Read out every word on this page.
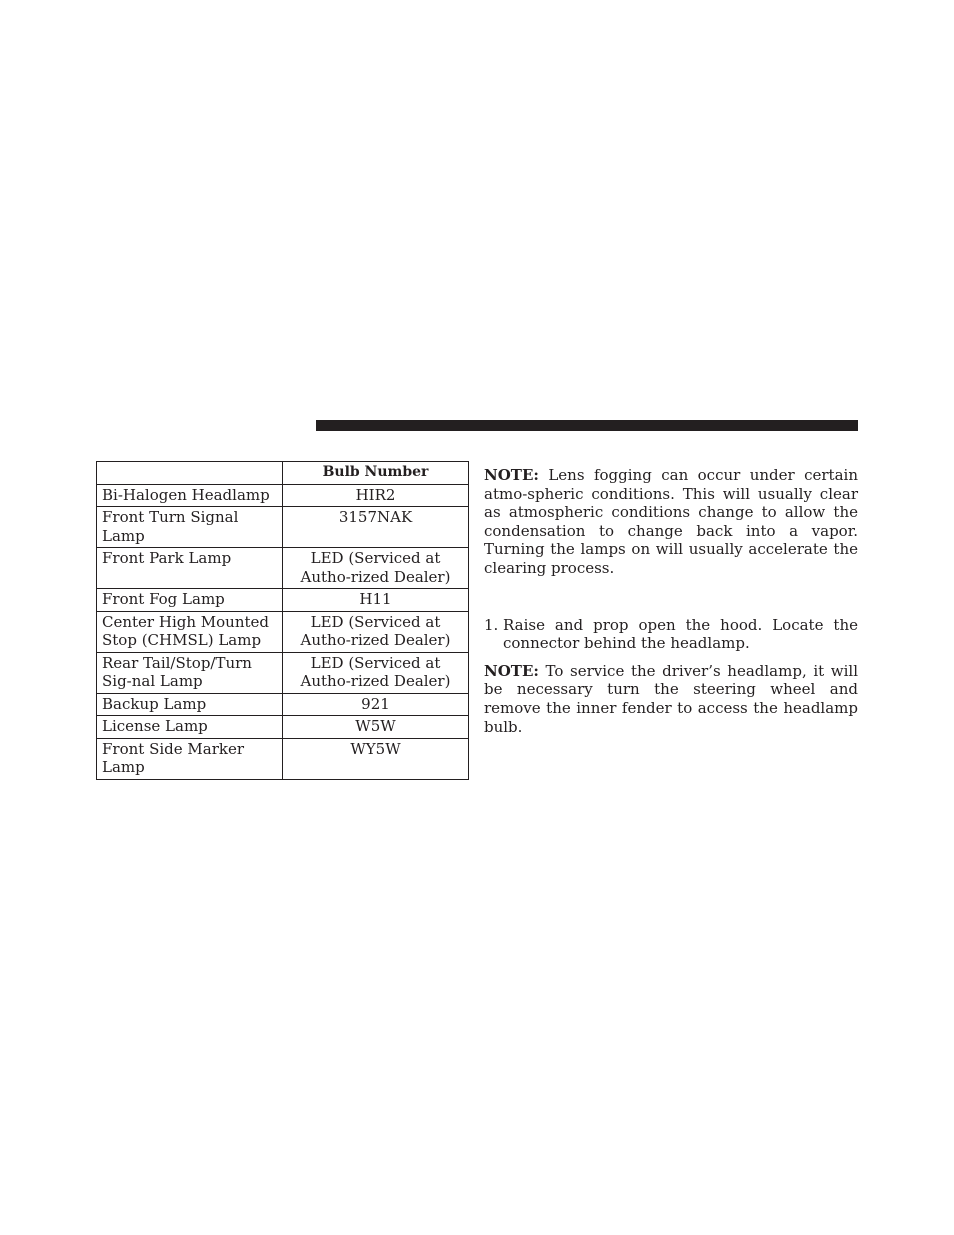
	Bulb Number
Bi-Halogen Headlamp	HIR2
Front Turn Signal Lamp	3157NAK
Front Park Lamp	LED (Serviced at Autho-rized Dealer)
Front Fog Lamp	H11
Center High Mounted Stop (CHMSL) Lamp	LED (Serviced at Autho-rized Dealer)
Rear Tail/Stop/Turn Sig-nal Lamp	LED (Serviced at Autho-rized Dealer)
Backup Lamp	921
License Lamp	W5W
Front Side Marker Lamp	WY5W

NOTE: Lens fogging can occur under certain atmo-spheric conditions. This will usually clear as atmospheric conditions change to allow the condensation to change back into a vapor. Turning the lamps on will usually accelerate the clearing process.

1. Raise and prop open the hood. Locate the connector behind the headlamp.

NOTE: To service the driver’s headlamp, it will be necessary turn the steering wheel and remove the inner fender to access the headlamp bulb.
